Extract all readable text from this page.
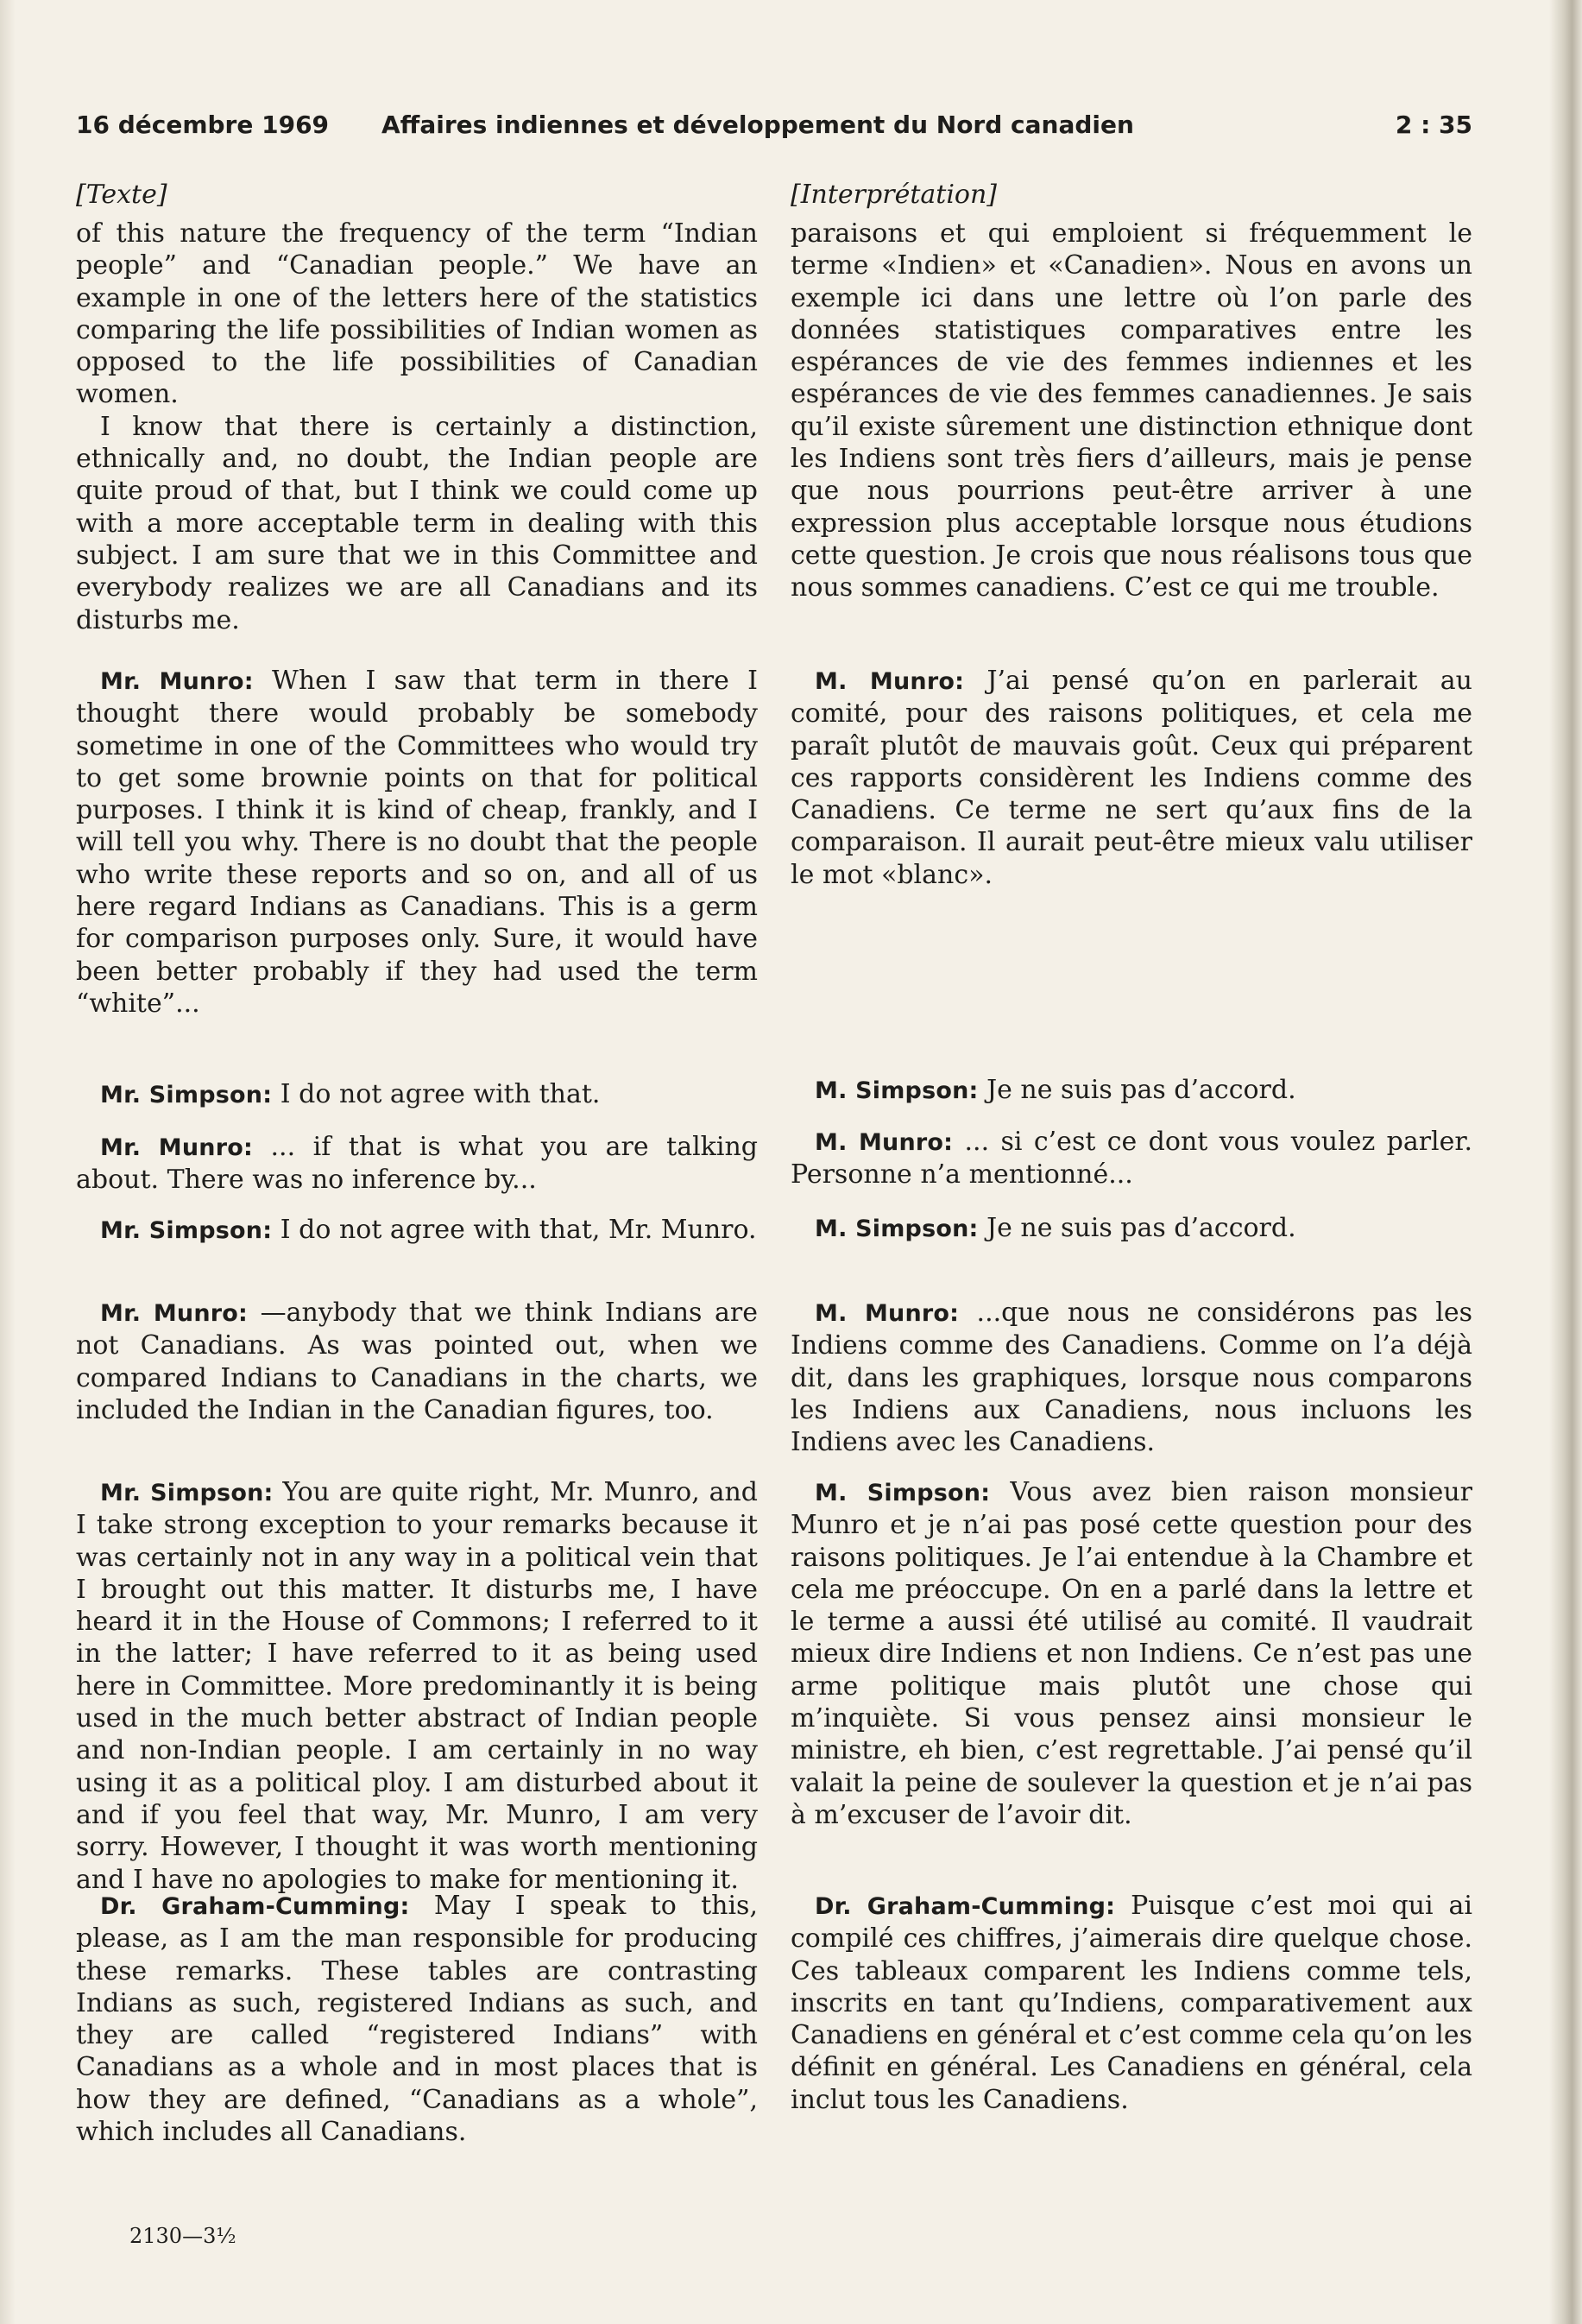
16 décembre 1969 Affaires indiennes et développement du Nord canadien	2 : 35
[Texte]

of this nature the frequency of the term “Indian people” and “Canadian people.” We have an example in one of the letters here of the statistics comparing the life possibilities of Indian women as opposed to the life possibilities of Canadian women.

I know that there is certainly a distinction, ethnically and, no doubt, the Indian people are quite proud of that, but I think we could come up with a more acceptable term in dealing with this subject. I am sure that we in this Committee and everybody realizes we are all Canadians and its disturbs me.

Mr. Munro: When I saw that term in there I thought there would probably be somebody sometime in one of the Committees who would try to get some brownie points on that for political purposes. I think it is kind of cheap, frankly, and I will tell you why. There is no doubt that the people who write these reports and so on, and all of us here regard Indians as Canadians. This is a germ for comparison purposes only. Sure, it would have been better probably if they had used the term “white”...

Mr. Simpson: I do not agree with that.

Mr. Munro: ... if that is what you are talking about. There was no inference by...

Mr. Simpson: I do not agree with that, Mr. Munro.

Mr. Munro: —anybody that we think Indians are not Canadians. As was pointed out, when we compared Indians to Canadians in the charts, we included the Indian in the Canadian figures, too.

Mr. Simpson: You are quite right, Mr. Munro, and I take strong exception to your remarks because it was certainly not in any way in a political vein that I brought out this matter. It disturbs me, I have heard it in the House of Commons; I referred to it in the latter; I have referred to it as being used here in Committee. More predominantly it is being used in the much better abstract of Indian people and non-Indian people. I am certainly in no way using it as a political ploy. I am disturbed about it and if you feel that way, Mr. Munro, I am very sorry. However, I thought it was worth mentioning and I have no apologies to make for mentioning it.

Dr. Graham-Cumming: May I speak to this, please, as I am the man responsible for producing these remarks. These tables are contrasting Indians as such, registered Indians as such, and they are called “registered Indians” with Canadians as a whole and in most places that is how they are defined, “Canadians as a whole”, which includes all Canadians.

[Interprétation]

paraisons et qui emploient si fréquemment le terme «Indien» et «Canadien». Nous en avons un exemple ici dans une lettre où l’on parle des données statistiques comparatives entre les espérances de vie des femmes indiennes et les espérances de vie des femmes canadiennes. Je sais qu’il existe sûrement une distinction ethnique dont les Indiens sont très fiers d’ailleurs, mais je pense que nous pourrions peut-être arriver à une expression plus acceptable lorsque nous étudions cette question. Je crois que nous réalisons tous que nous sommes canadiens. C’est ce qui me trouble.

M. Munro: J’ai pensé qu’on en parlerait au comité, pour des raisons politiques, et cela me paraît plutôt de mauvais goût. Ceux qui préparent ces rapports considèrent les Indiens comme des Canadiens. Ce terme ne sert qu’aux fins de la comparaison. Il aurait peut-être mieux valu utiliser le mot «blanc».

M. Simpson: Je ne suis pas d’accord.

M. Munro: ... si c’est ce dont vous voulez parler. Personne n’a mentionné...

M. Simpson: Je ne suis pas d’accord.

M. Munro: ...que nous ne considérons pas les Indiens comme des Canadiens. Comme on l’a déjà dit, dans les graphiques, lorsque nous comparons les Indiens aux Canadiens, nous incluons les Indiens avec les Canadiens.

M. Simpson: Vous avez bien raison monsieur Munro et je n’ai pas posé cette question pour des raisons politiques. Je l’ai entendue à la Chambre et cela me préoccupe. On en a parlé dans la lettre et le terme a aussi été utilisé au comité. Il vaudrait mieux dire Indiens et non Indiens. Ce n’est pas une arme politique mais plutôt une chose qui m’inquiète. Si vous pensez ainsi monsieur le ministre, eh bien, c’est regrettable. J’ai pensé qu’il valait la peine de soulever la question et je n’ai pas à m’excuser de l’avoir dit.

Dr. Graham-Cumming: Puisque c’est moi qui ai compilé ces chiffres, j’aimerais dire quelque chose. Ces tableaux comparent les Indiens comme tels, inscrits en tant qu’Indiens, comparativement aux Canadiens en général et c’est comme cela qu’on les définit en général. Les Canadiens en général, cela inclut tous les Canadiens.

2130—3½
